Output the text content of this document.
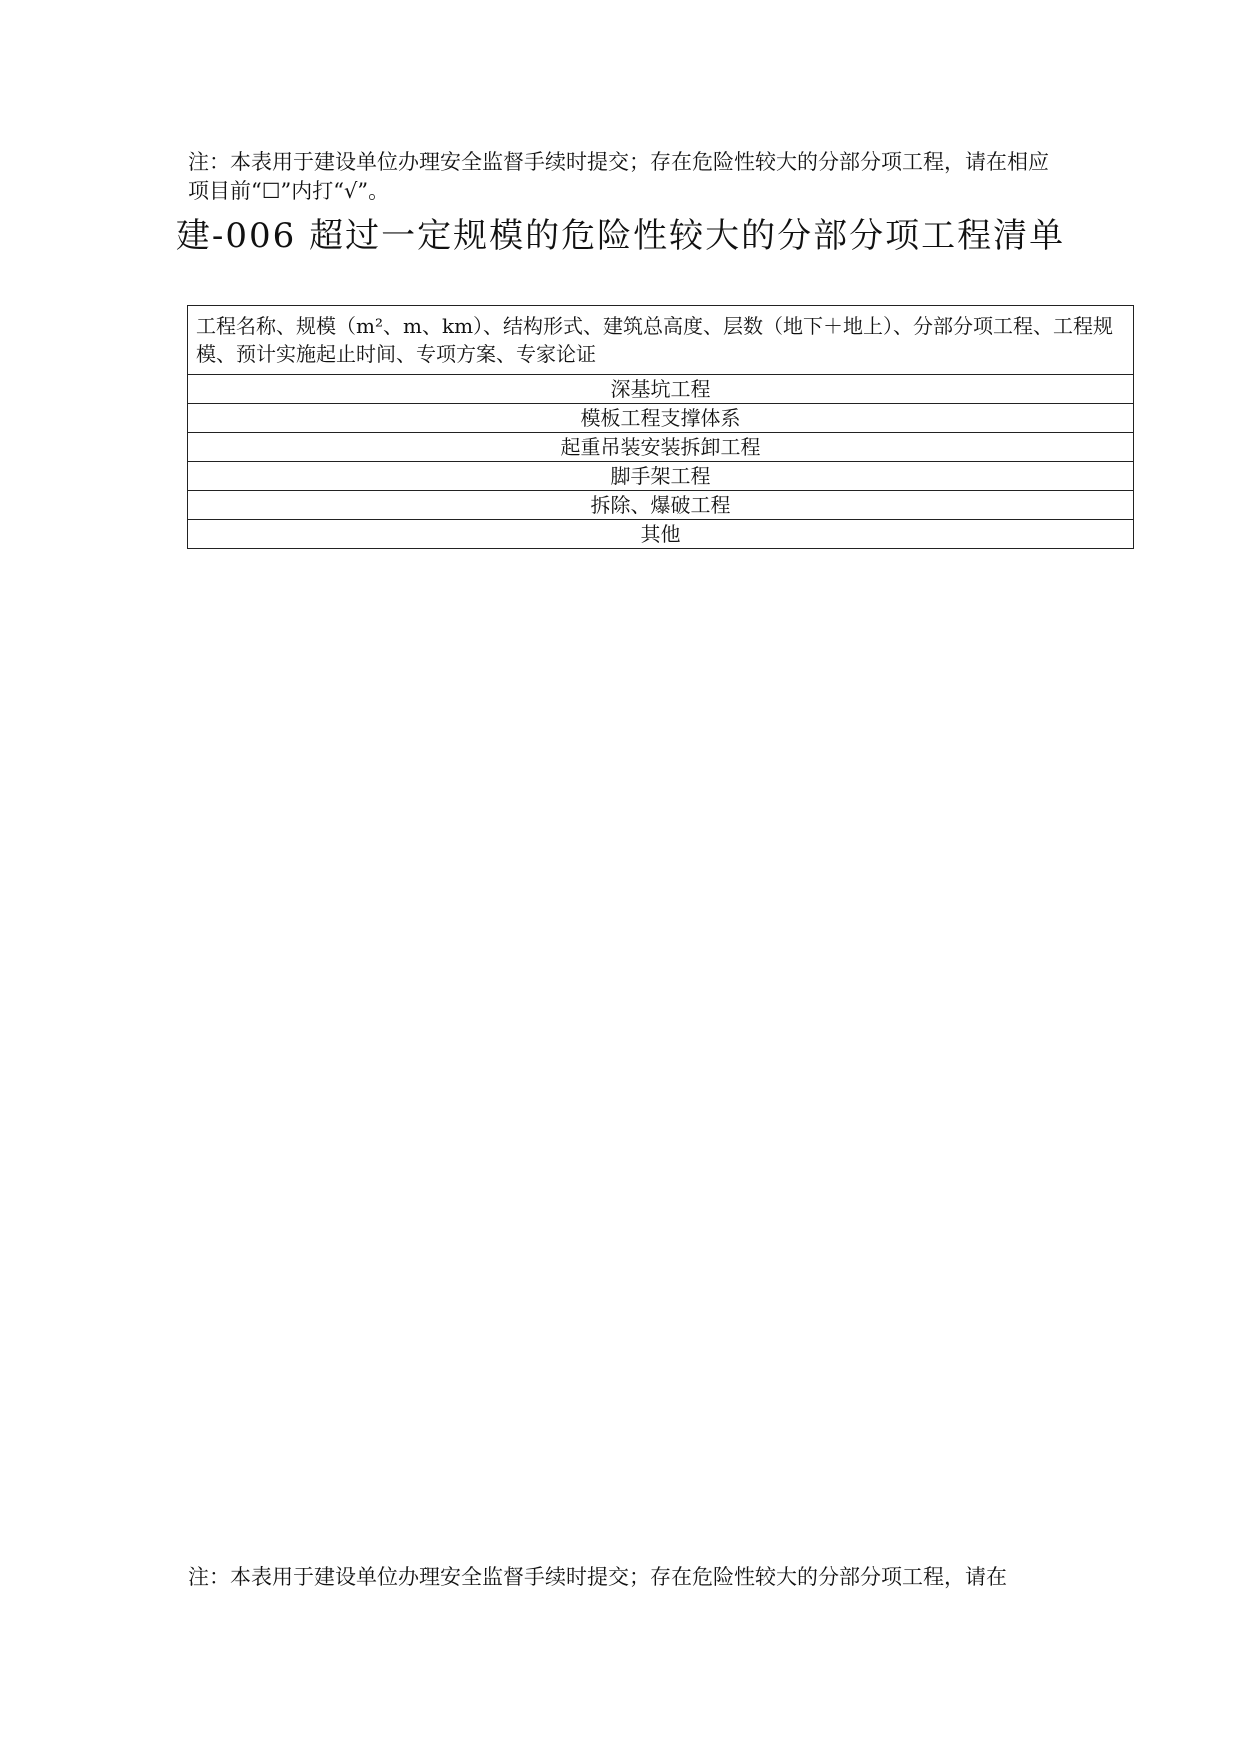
注：本表用于建设单位办理安全监督手续时提交；存在危险性较大的分部分项工程，请在相应项目前“☐”内打“√”。
建-006 超过一定规模的危险性较大的分部分项工程清单
工程名称、规模（m²、m、km）、结构形式、建筑总高度、层数（地下＋地上）、分部分项工程、工程规模、预计实施起止时间、专项方案、专家论证
深基坑工程
模板工程支撑体系
起重吊装安装拆卸工程
脚手架工程
拆除、爆破工程
其他
注：本表用于建设单位办理安全监督手续时提交；存在危险性较大的分部分项工程，请在
